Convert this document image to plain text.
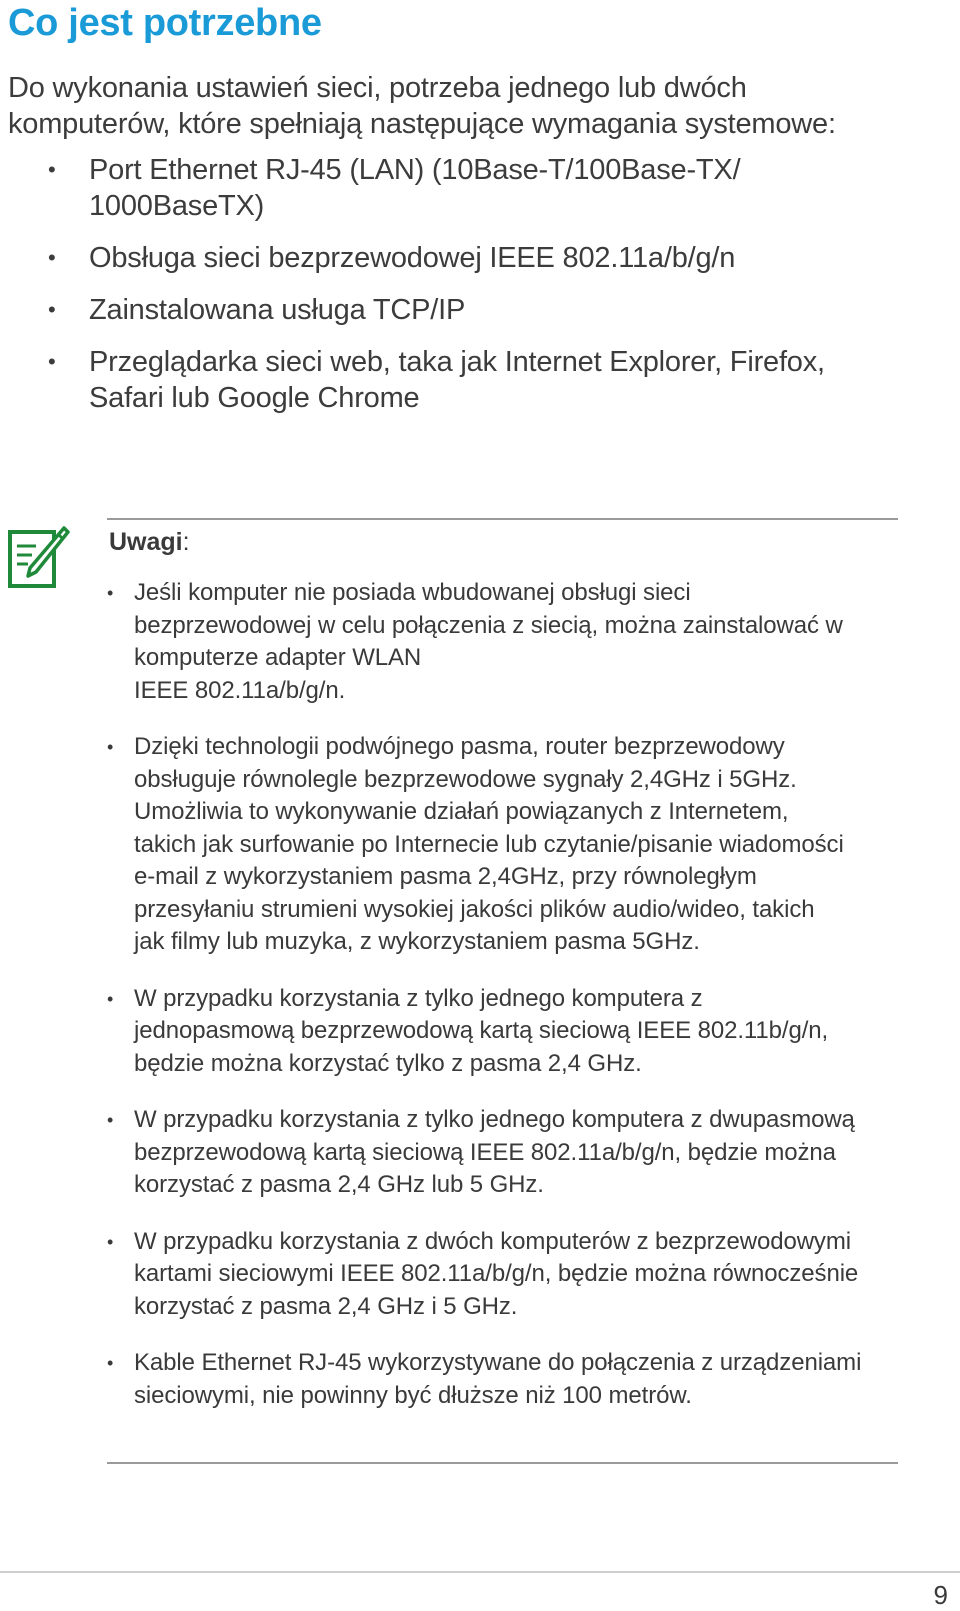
Co jest potrzebne

Do wykonania ustawień sieci, potrzeba jednego lub dwóch komputerów, które spełniają następujące wymagania systemowe:

• Port Ethernet RJ-45 (LAN) (10Base-T/100Base-TX/
1000BaseTX)
• Obsługa sieci bezprzewodowej IEEE 802.11a/b/g/n
• Zainstalowana usługa TCP/IP
• Przeglądarka sieci web, taka jak Internet Explorer, Firefox,
Safari lub Google Chrome

Uwagi:

• Jeśli komputer nie posiada wbudowanej obsługi sieci
bezprzewodowej w celu połączenia z siecią, można zainstalować w
komputerze adapter WLAN
IEEE 802.11a/b/g/n.
• Dzięki technologii podwójnego pasma, router bezprzewodowy
obsługuje równolegle bezprzewodowe sygnały 2,4GHz i 5GHz.
Umożliwia to wykonywanie działań powiązanych z Internetem,
takich jak surfowanie po Internecie lub czytanie/pisanie wiadomości
e-mail z wykorzystaniem pasma 2,4GHz, przy równoległym
przesyłaniu strumieni wysokiej jakości plików audio/wideo, takich
jak filmy lub muzyka, z wykorzystaniem pasma 5GHz.
• W przypadku korzystania z tylko jednego komputera z
jednopasmową bezprzewodową kartą sieciową IEEE 802.11b/g/n,
będzie można korzystać tylko z pasma 2,4 GHz.
• W przypadku korzystania z tylko jednego komputera z dwupasmową
bezprzewodową kartą sieciową IEEE 802.11a/b/g/n, będzie można
korzystać z pasma 2,4 GHz lub 5 GHz.
• W przypadku korzystania z dwóch komputerów z bezprzewodowymi
kartami sieciowymi IEEE 802.11a/b/g/n, będzie można równocześnie
korzystać z pasma 2,4 GHz i 5 GHz.
• Kable Ethernet RJ-45 wykorzystywane do połączenia z urządzeniami
sieciowymi, nie powinny być dłuższe niż 100 metrów.
9
